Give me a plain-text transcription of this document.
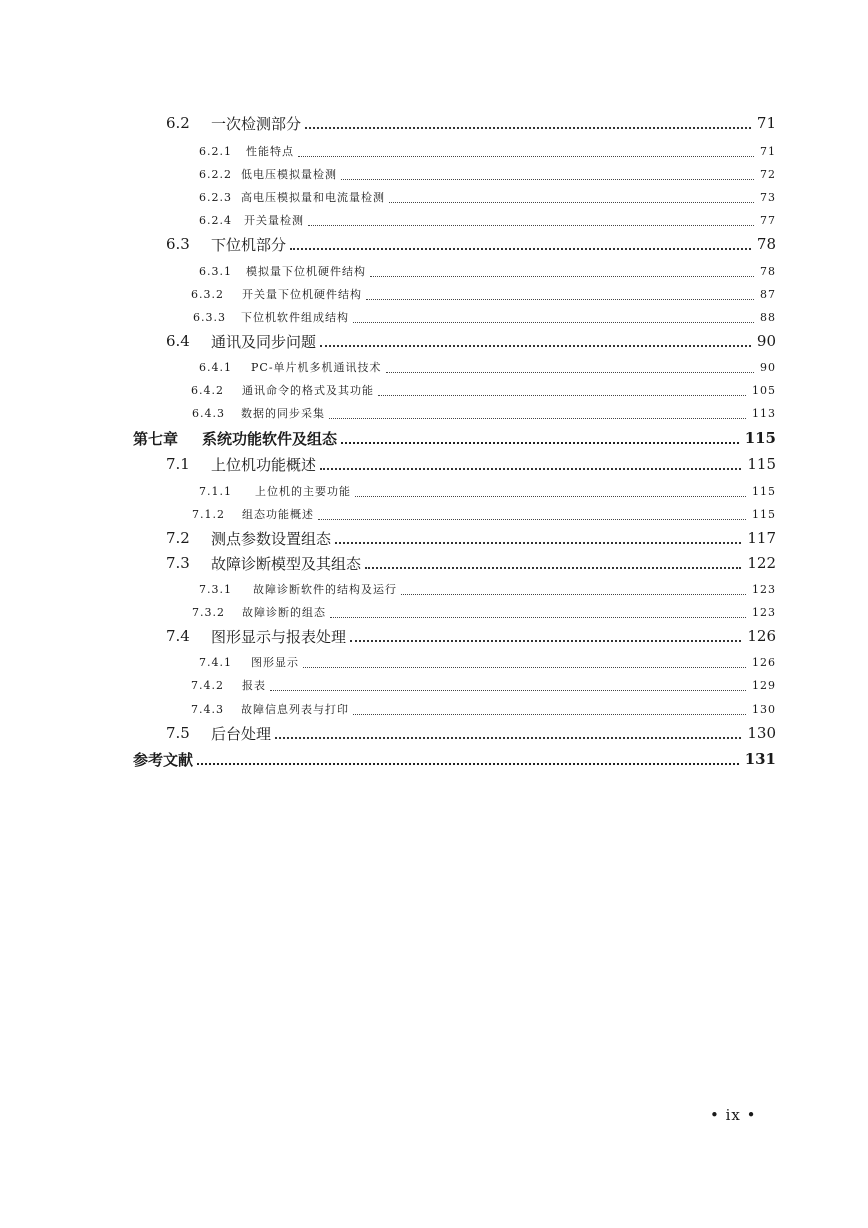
6.2 一次检测部分	71
6.2.1 性能特点	71
6.2.2 低电压模拟量检测	72
6.2.3 高电压模拟量和电流量检测	73
6.2.4 开关量检测	77
6.3 下位机部分	78
6.3.1 模拟量下位机硬件结构	78
6.3.2 开关量下位机硬件结构	87
6.3.3 下位机软件组成结构	88
6.4 通讯及同步问题	90
6.4.1 PC-单片机多机通讯技术	90
6.4.2 通讯命令的格式及其功能	105
6.4.3 数据的同步采集	113
第七章 系统功能软件及组态	115
7.1 上位机功能概述	115
7.1.1 上位机的主要功能	115
7.1.2 组态功能概述	115
7.2 测点参数设置组态	117
7.3 故障诊断模型及其组态	122
7.3.1 故障诊断软件的结构及运行	123
7.3.2 故障诊断的组态	123
7.4 图形显示与报表处理	126
7.4.1 图形显示	126
7.4.2 报表	129
7.4.3 故障信息列表与打印	130
7.5 后台处理	130
参考文献	131
• ix •
